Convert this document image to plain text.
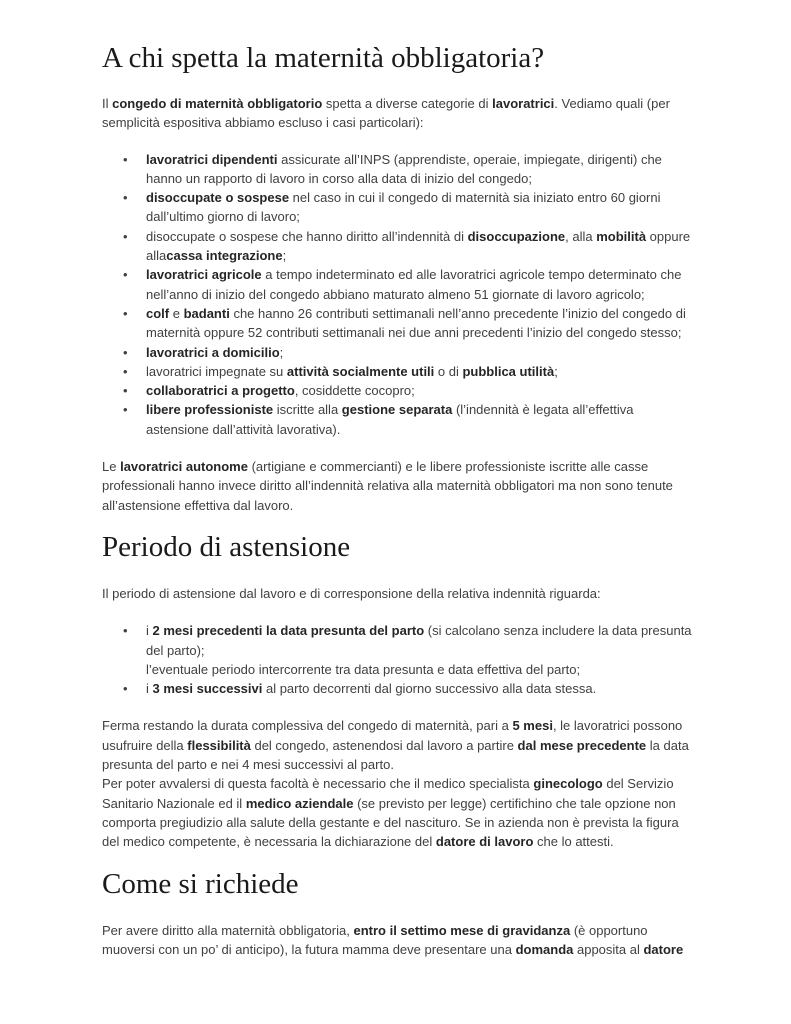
A chi spetta la maternità obbligatoria?

Il congedo di maternità obbligatorio spetta a diverse categorie di lavoratrici. Vediamo quali (per semplicità espositiva abbiamo escluso i casi particolari):

• lavoratrici dipendenti assicurate all’INPS (apprendiste, operaie, impiegate, dirigenti) che hanno un rapporto di lavoro in corso alla data di inizio del congedo;
• disoccupate o sospese nel caso in cui il congedo di maternità sia iniziato entro 60 giorni dall’ultimo giorno di lavoro;
• disoccupate o sospese che hanno diritto all’indennità di disoccupazione, alla mobilità oppure allacassa integrazione;
• lavoratrici agricole a tempo indeterminato ed alle lavoratrici agricole tempo determinato che nell’anno di inizio del congedo abbiano maturato almeno 51 giornate di lavoro agricolo;
• colf e badanti che hanno 26 contributi settimanali nell’anno precedente l’inizio del congedo di maternità oppure 52 contributi settimanali nei due anni precedenti l’inizio del congedo stesso;
• lavoratrici a domicilio;
• lavoratrici impegnate su attività socialmente utili o di pubblica utilità;
• collaboratrici a progetto, cosiddette cocopro;
• libere professioniste iscritte alla gestione separata (l’indennità è legata all’effettiva astensione dall’attività lavorativa).

Le lavoratrici autonome (artigiane e commercianti) e le libere professioniste iscritte alle casse professionali hanno invece diritto all’indennità relativa alla maternità obbligatori ma non sono tenute all’astensione effettiva dal lavoro.

Periodo di astensione

Il periodo di astensione dal lavoro e di corresponsione della relativa indennità riguarda:

• i 2 mesi precedenti la data presunta del parto (si calcolano senza includere la data presunta del parto);
l’eventuale periodo intercorrente tra data presunta e data effettiva del parto;
• i 3 mesi successivi al parto decorrenti dal giorno successivo alla data stessa.

Ferma restando la durata complessiva del congedo di maternità, pari a 5 mesi, le lavoratrici possono usufruire della flessibilità del congedo, astenendosi dal lavoro a partire dal mese precedente la data presunta del parto e nei 4 mesi successivi al parto.
Per poter avvalersi di questa facoltà è necessario che il medico specialista ginecologo del Servizio Sanitario Nazionale ed il medico aziendale (se previsto per legge) certifichino che tale opzione non comporta pregiudizio alla salute della gestante e del nascituro. Se in azienda non è prevista la figura del medico competente, è necessaria la dichiarazione del datore di lavoro che lo attesti.

Come si richiede

Per avere diritto alla maternità obbligatoria, entro il settimo mese di gravidanza (è opportuno muoversi con un po’ di anticipo), la futura mamma deve presentare una domanda apposita al datore
